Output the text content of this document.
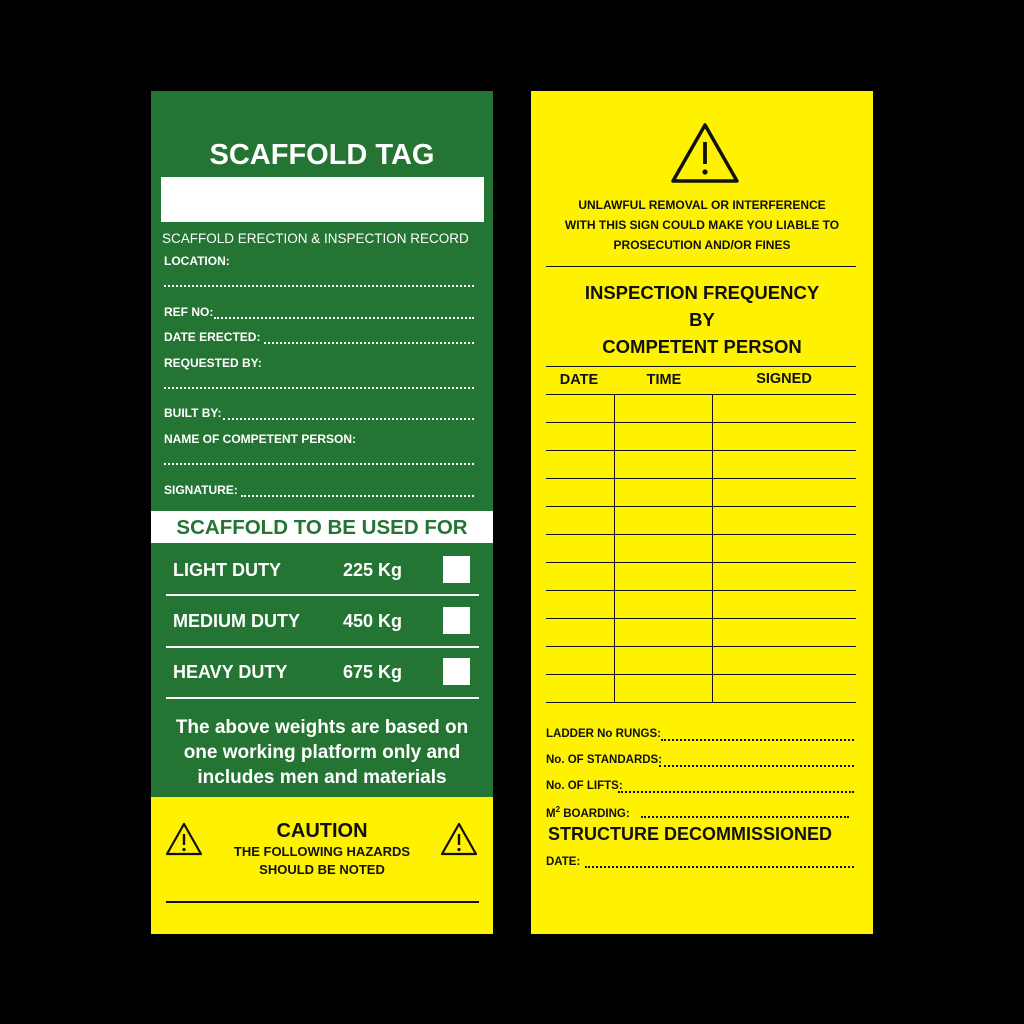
SCAFFOLD TAG
SCAFFOLD ERECTION & INSPECTION RECORD
LOCATION:
REF NO:
DATE ERECTED:
REQUESTED BY:
BUILT BY:
NAME OF COMPETENT PERSON:
SIGNATURE:
SCAFFOLD TO BE USED FOR
LIGHT DUTY	225 Kg
MEDIUM DUTY 450 Kg
HEAVY DUTY	675 Kg
The above weights are based on
one working platform only and
includes men and materials
CAUTION
THE FOLLOWING HAZARDS
SHOULD BE NOTED
UNLAWFUL REMOVAL OR INTERFERENCE
WITH THIS SIGN COULD MAKE YOU LIABLE TO
PROSECUTION AND/OR FINES
INSPECTION FREQUENCY
BY
COMPETENT PERSON
DATE	TIME	SIGNED
LADDER No RUNGS:
No. OF STANDARDS:
No. OF LIFTS:
$M^2$ BOARDING:
STRUCTURE DECOMMISSIONED
DATE:
